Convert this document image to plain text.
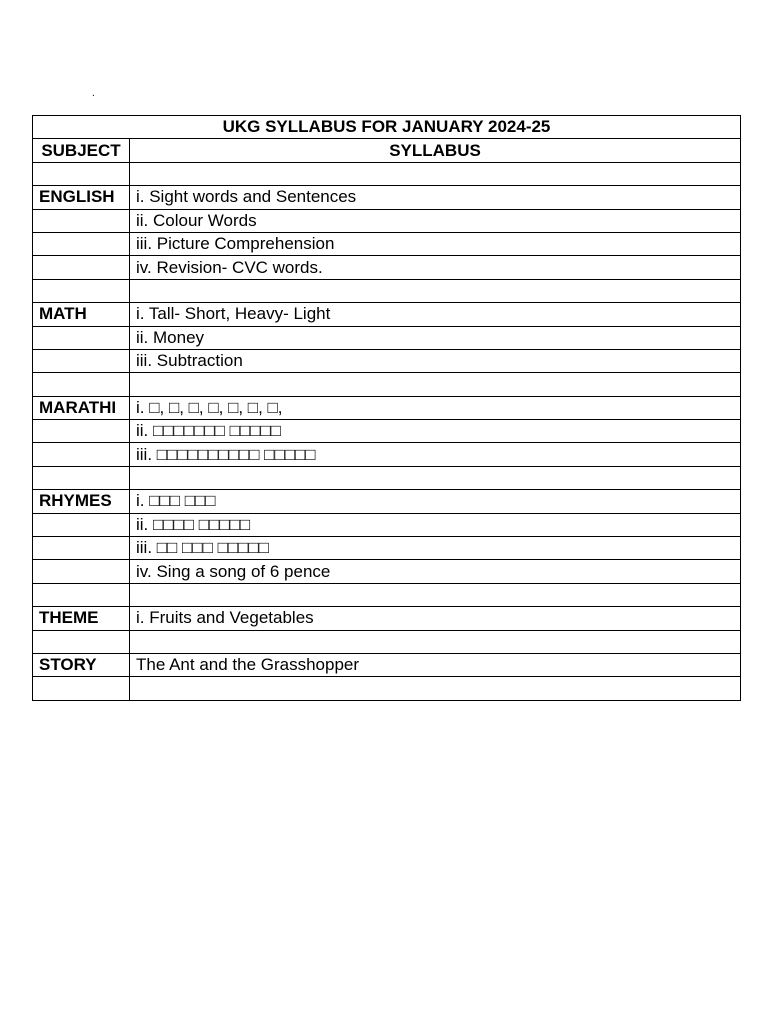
.
UKG SYLLABUS FOR JANUARY 2024-25	
SUBJECT	SYLLABUS

ENGLISH	i. Sight words and Sentences
	ii. Colour Words
	iii. Picture Comprehension
	iv. Revision- CVC words.

MATH	i. Tall- Short, Heavy- Light
	ii. Money
	iii. Subtraction

MARATHI	i. □, □, □, □, □, □, □,
	ii. □□□□□□□ □□□□□
	iii. □□□□□□□□□□ □□□□□

RHYMES	i. □□□ □□□
	ii. □□□□ □□□□□
	iii. □□ □□□ □□□□□
	iv. Sing a song of 6 pence

THEME	i. Fruits and Vegetables

STORY	The Ant and the Grasshopper
